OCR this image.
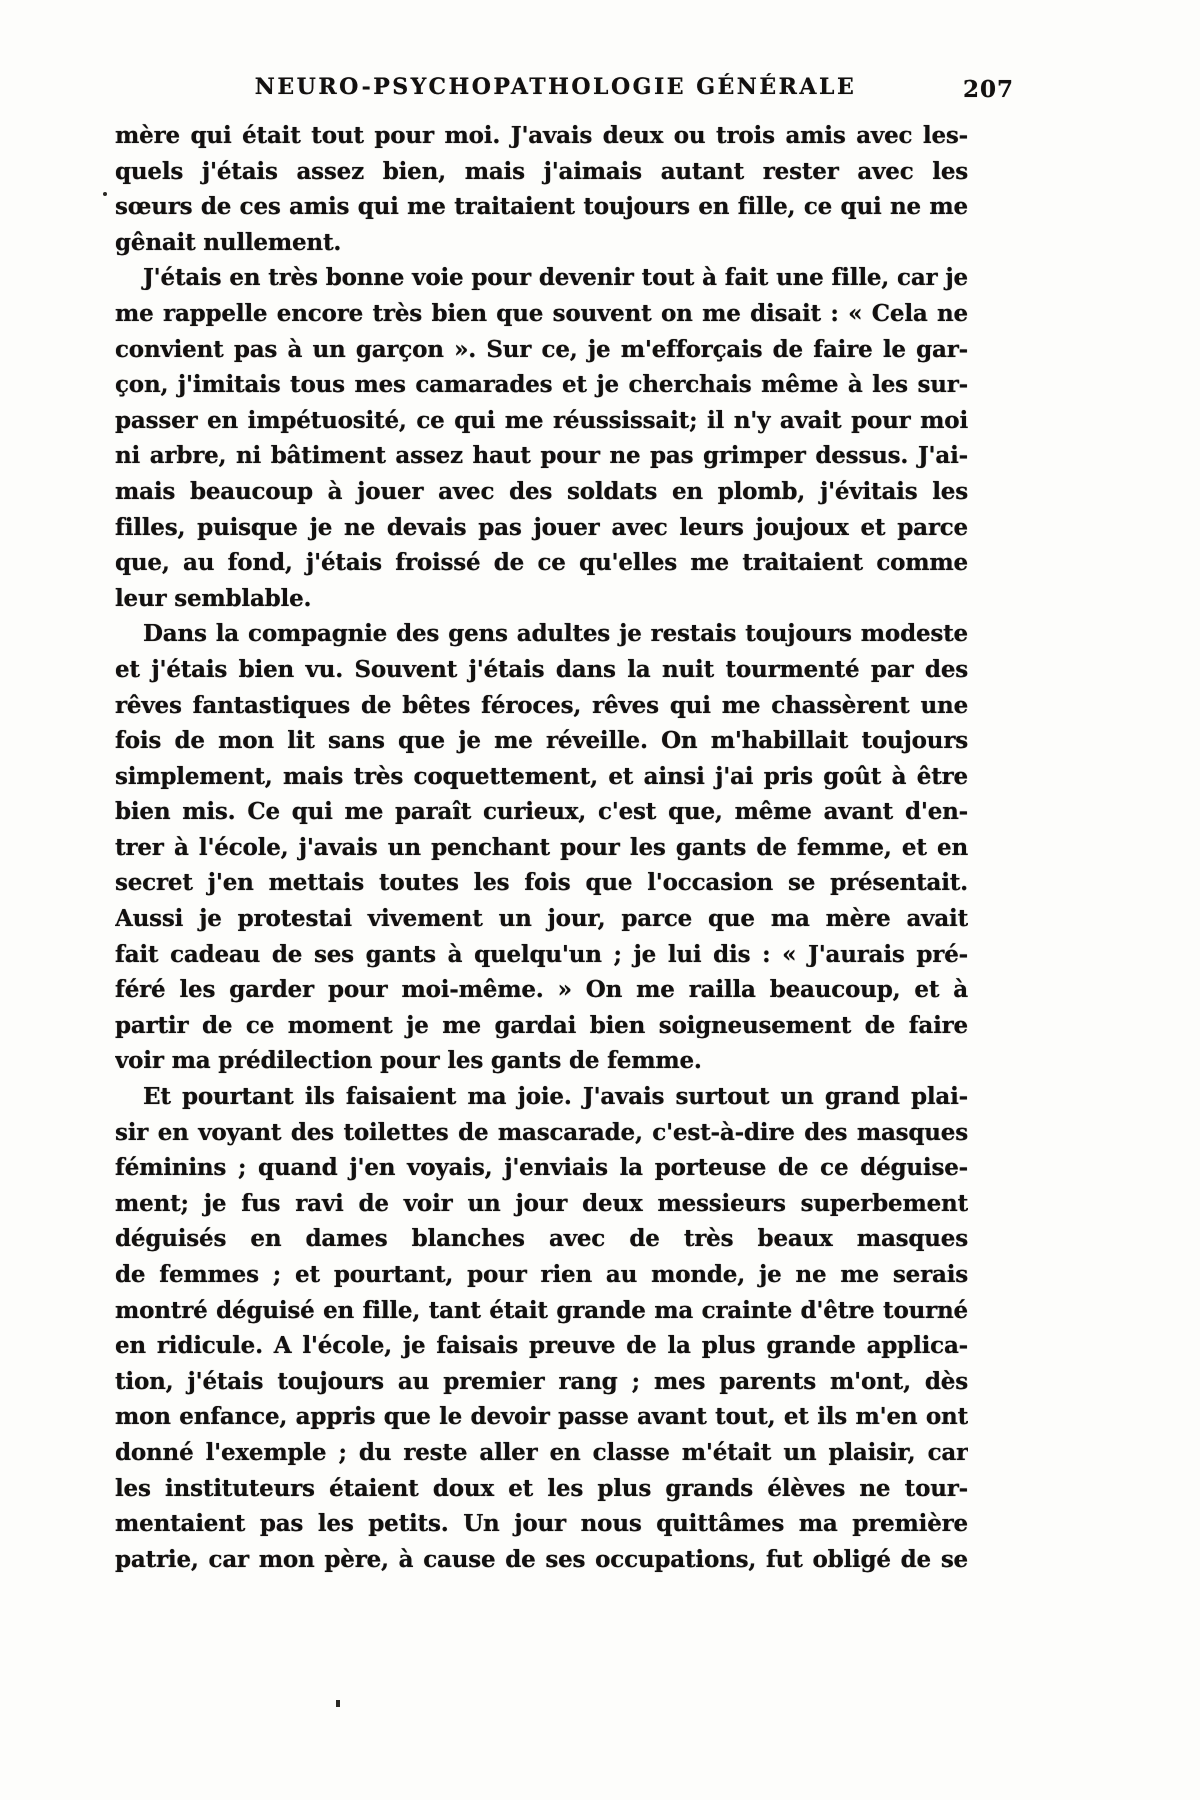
NEURO-PSYCHOPATHOLOGIE GÉNÉRALE	207
mère qui était tout pour moi. J'avais deux ou trois amis avec les-
quels j'étais assez bien, mais j'aimais autant rester avec les
sœurs de ces amis qui me traitaient toujours en fille, ce qui ne me
gênait nullement.
J'étais en très bonne voie pour devenir tout à fait une fille, car je
me rappelle encore très bien que souvent on me disait : « Cela ne
convient pas à un garçon ». Sur ce, je m'efforçais de faire le gar-
çon, j'imitais tous mes camarades et je cherchais même à les sur-
passer en impétuosité, ce qui me réussissait; il n'y avait pour moi
ni arbre, ni bâtiment assez haut pour ne pas grimper dessus. J'ai-
mais beaucoup à jouer avec des soldats en plomb, j'évitais les
filles, puisque je ne devais pas jouer avec leurs joujoux et parce
que, au fond, j'étais froissé de ce qu'elles me traitaient comme
leur semblable.
Dans la compagnie des gens adultes je restais toujours modeste
et j'étais bien vu. Souvent j'étais dans la nuit tourmenté par des
rêves fantastiques de bêtes féroces, rêves qui me chassèrent une
fois de mon lit sans que je me réveille. On m'habillait toujours
simplement, mais très coquettement, et ainsi j'ai pris goût à être
bien mis. Ce qui me paraît curieux, c'est que, même avant d'en-
trer à l'école, j'avais un penchant pour les gants de femme, et en
secret j'en mettais toutes les fois que l'occasion se présentait.
Aussi je protestai vivement un jour, parce que ma mère avait
fait cadeau de ses gants à quelqu'un ; je lui dis : « J'aurais pré-
féré les garder pour moi-même. » On me railla beaucoup, et à
partir de ce moment je me gardai bien soigneusement de faire
voir ma prédilection pour les gants de femme.
Et pourtant ils faisaient ma joie. J'avais surtout un grand plai-
sir en voyant des toilettes de mascarade, c'est-à-dire des masques
féminins ; quand j'en voyais, j'enviais la porteuse de ce déguise-
ment; je fus ravi de voir un jour deux messieurs superbement
déguisés en dames blanches avec de très beaux masques
de femmes ; et pourtant, pour rien au monde, je ne me serais
montré déguisé en fille, tant était grande ma crainte d'être tourné
en ridicule. A l'école, je faisais preuve de la plus grande applica-
tion, j'étais toujours au premier rang ; mes parents m'ont, dès
mon enfance, appris que le devoir passe avant tout, et ils m'en ont
donné l'exemple ; du reste aller en classe m'était un plaisir, car
les instituteurs étaient doux et les plus grands élèves ne tour-
mentaient pas les petits. Un jour nous quittâmes ma première
patrie, car mon père, à cause de ses occupations, fut obligé de se
